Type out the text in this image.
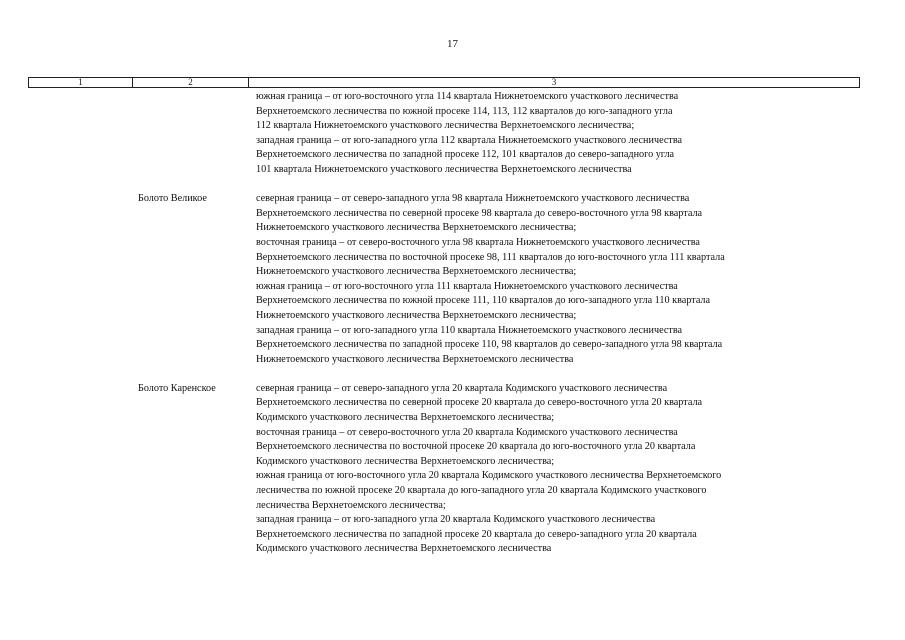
17
1	2	3
южная граница – от юго-восточного угла 114 квартала Нижнетоемского участкового лесничества
Верхнетоемского лесничества по южной просеке 114, 113, 112 кварталов до юго-западного угла
112 квартала Нижнетоемского участкового лесничества Верхнетоемского лесничества;
западная граница – от юго-западного угла 112 квартала Нижнетоемского участкового лесничества
Верхнетоемского лесничества по западной просеке 112, 101 кварталов до северо-западного угла
101 квартала Нижнетоемского участкового лесничества Верхнетоемского лесничества
Болото Великое	северная граница – от северо-западного угла 98 квартала Нижнетоемского участкового лесничества
Верхнетоемского лесничества по северной просеке 98 квартала до северо-восточного угла 98 квартала
Нижнетоемского участкового лесничества Верхнетоемского лесничества;
восточная граница – от северо-восточного угла 98 квартала Нижнетоемского участкового лесничества
Верхнетоемского лесничества по восточной просеке 98, 111 кварталов до юго-восточного угла 111 квартала
Нижнетоемского участкового лесничества Верхнетоемского лесничества;
южная граница – от юго-восточного угла 111 квартала Нижнетоемского участкового лесничества
Верхнетоемского лесничества по южной просеке 111, 110 кварталов до юго-западного угла 110 квартала
Нижнетоемского участкового лесничества Верхнетоемского лесничества;
западная граница – от юго-западного угла 110 квартала Нижнетоемского участкового лесничества
Верхнетоемского лесничества по западной просеке 110, 98 кварталов до северо-западного угла 98 квартала
Нижнетоемского участкового лесничества Верхнетоемского лесничества
Болото Каренское	северная граница – от северо-западного угла 20 квартала Кодимского участкового лесничества
Верхнетоемского лесничества по северной просеке 20 квартала до северо-восточного угла 20 квартала
Кодимского участкового лесничества Верхнетоемского лесничества;
восточная граница – от северо-восточного угла 20 квартала Кодимского участкового лесничества
Верхнетоемского лесничества по восточной просеке 20 квартала до юго-восточного угла 20 квартала
Кодимского участкового лесничества Верхнетоемского лесничества;
южная граница от юго-восточного угла 20 квартала Кодимского участкового лесничества Верхнетоемского
лесничества по южной просеке 20 квартала до юго-западного угла 20 квартала Кодимского участкового
лесничества Верхнетоемского лесничества;
западная граница – от юго-западного угла 20 квартала Кодимского участкового лесничества
Верхнетоемского лесничества по западной просеке 20 квартала до северо-западного угла 20 квартала
Кодимского участкового лесничества Верхнетоемского лесничества
